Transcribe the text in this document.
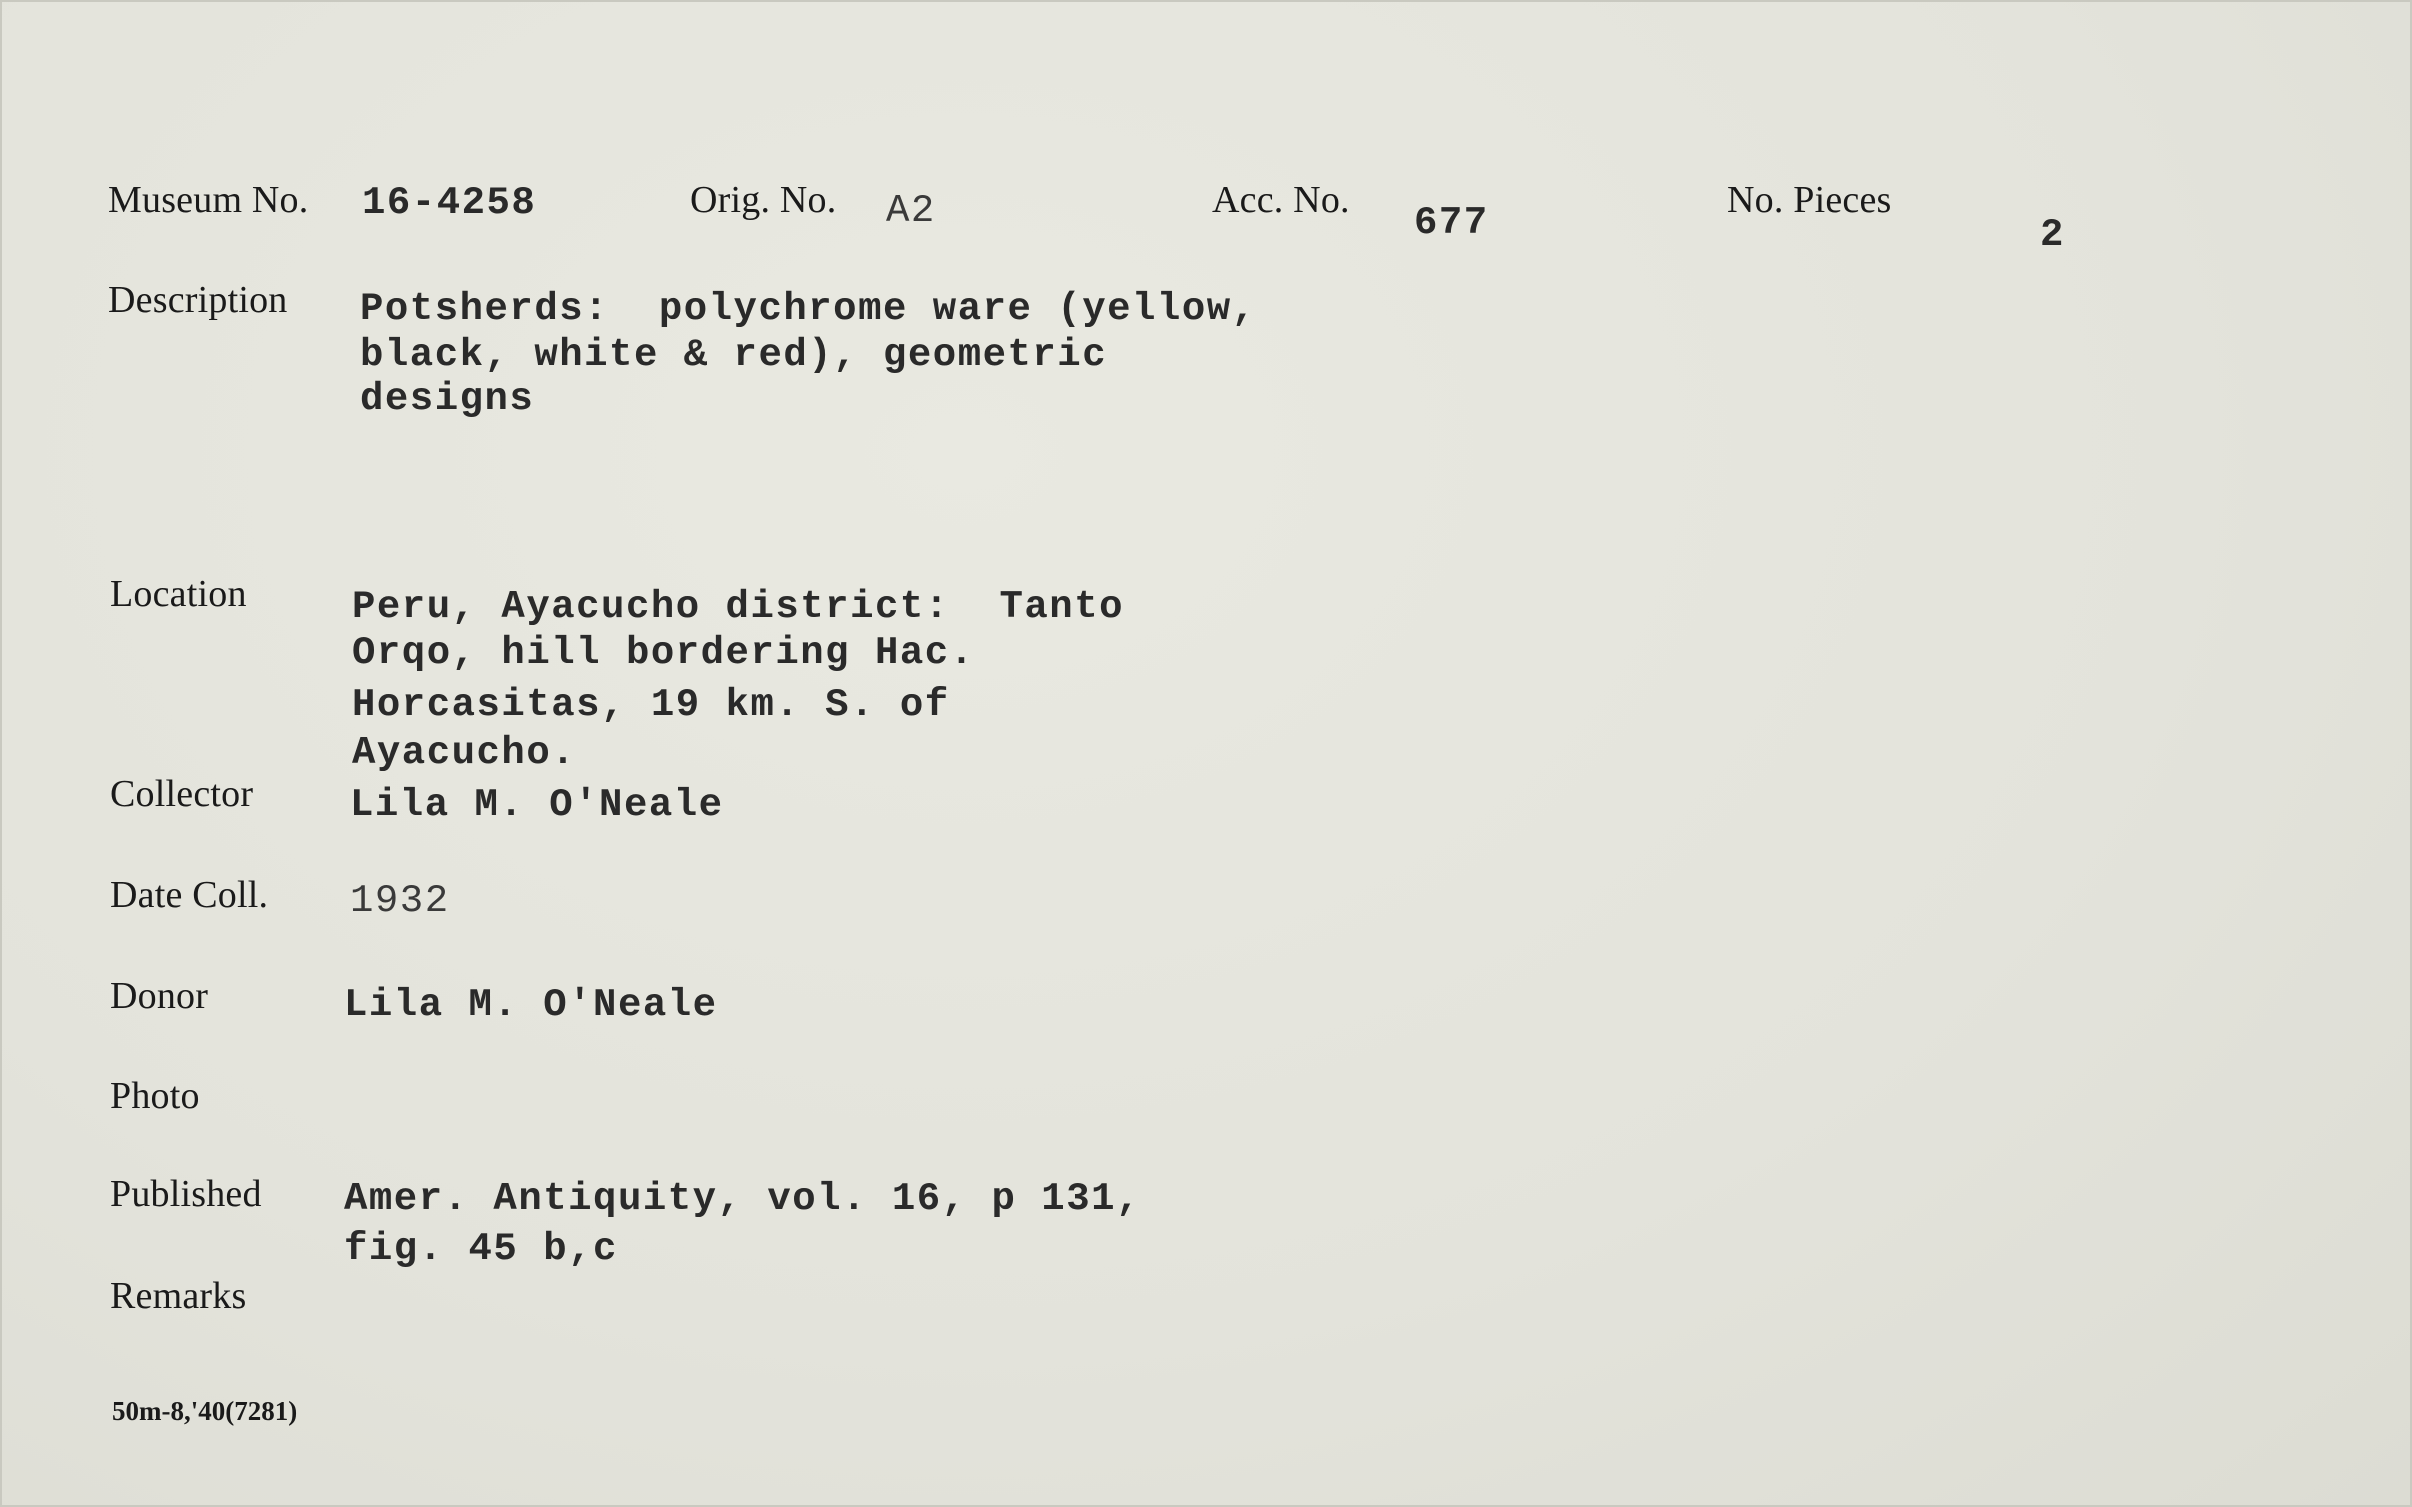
Museum No. 16-4258	Orig. No. A2	Acc. No.
677
No. Pieces
2
Description Potsherds:  polychrome ware (yellow,
black, white & red), geometric
designs
Location	Peru, Ayacucho district:  Tanto
Orqo, hill bordering Hac.
Horcasitas, 19 km. S. of
Ayacucho.
Collector Lila M. O'Neale
Date Coll. 1932
Donor	Lila M. O'Neale
Photo
Published Amer. Antiquity, vol. 16, p 131,
fig. 45 b,c
Remarks
50m-8,'40(7281)
